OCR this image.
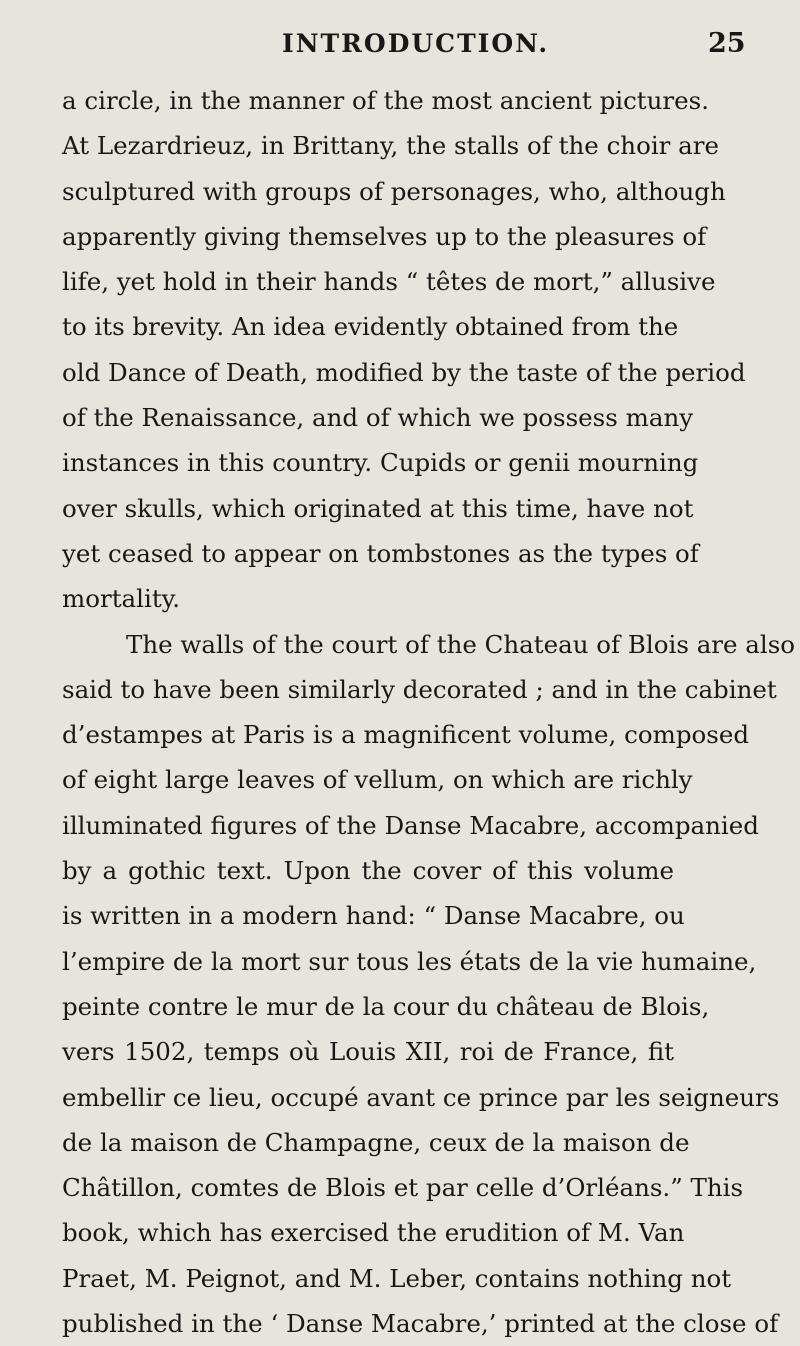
INTRODUCTION.	25
a circle, in the manner of the most ancient pictures.
At Lezardrieuz, in Brittany, the stalls of the choir are
sculptured with groups of personages, who, although
apparently giving themselves up to the pleasures of
life, yet hold in their hands “ têtes de mort,” allusive
to its brevity. An idea evidently obtained from the
old Dance of Death, modified by the taste of the period
of the Renaissance, and of which we possess many
instances in this country. Cupids or genii mourning
over skulls, which originated at this time, have not
yet ceased to appear on tombstones as the types of
mortality.
The walls of the court of the Chateau of Blois are also
said to have been similarly decorated ; and in the cabinet
d’estampes at Paris is a magnificent volume, composed
of eight large leaves of vellum, on which are richly
illuminated figures of the Danse Macabre, accompanied
by a gothic text. Upon the cover of this volume
is written in a modern hand: “ Danse Macabre, ou
l’empire de la mort sur tous les états de la vie humaine,
peinte contre le mur de la cour du château de Blois,
vers 1502, temps où Louis XII, roi de France, fit
embellir ce lieu, occupé avant ce prince par les seigneurs
de la maison de Champagne, ceux de la maison de
Châtillon, comtes de Blois et par celle d’Orléans.” This
book, which has exercised the erudition of M. Van
Praet, M. Peignot, and M. Leber, contains nothing not
published in the ‘ Danse Macabre,’ printed at the close of
